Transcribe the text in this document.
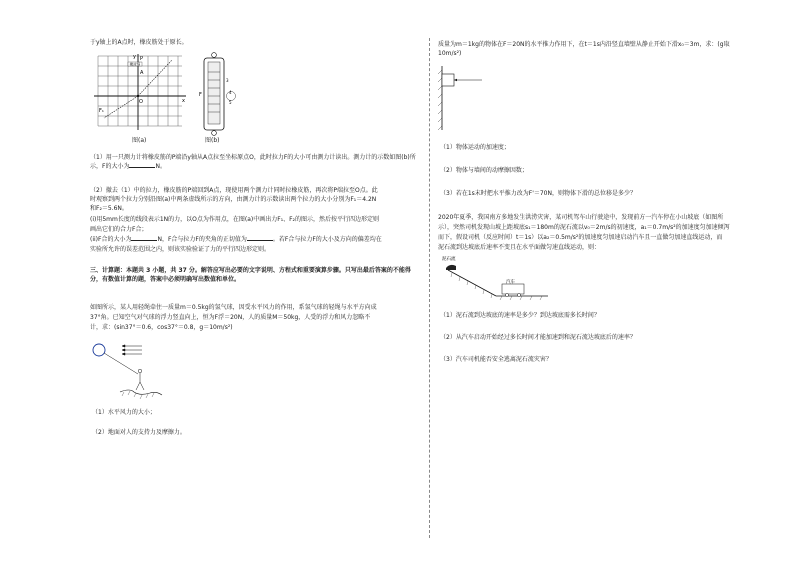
于y轴上的A点时，橡皮筋处于原长。
橡皮筋
P
y
A
O
F₁
x
F
3
4
5
图(a)	图(b)
（1）用一只测力计将橡皮筋的P端沿y轴从A点拉至坐标原点O，此时拉力F的大小可由测力计读出。测力计的示数如图(b)所示，F的大小为	N。
（2）撤去（1）中的拉力，橡皮筋的P端回到A点，现使用两个测力计同时拉橡皮筋，再次将P端拉至O点。此
时观察到两个拉力分别沿图(a)中两条虚线所示的方向，由测力计的示数读出两个拉力的大小分别为F₁＝4.2N
和F₂＝5.6N。
(i)用5mm长度的线段表示1N的力，以O点为作用点，在图(a)中画出力F₁、F₂的图示，然后按平行四边形定则
画出它们的合力F合；
(ii)F合的大小为	N，F合与拉力F的夹角的正切值为	。若F合与拉力F的大小及方向的偏差均在
实验所允许的误差范围之内，则该实验验证了力的平行四边形定则。
三、计算题：本题共 3 小题，共 37 分。解答应写出必要的文字说明、方程式和重要演算步骤。只写出最后答案的不能得分，有数值计算的题，答案中必须明确写出数值和单位。
如图所示，某人用轻绳牵住一质量m＝0.5kg的氢气球，因受水平风力的作用，系氢气球的轻绳与水平方向成
37°角。已知空气对气球的浮力竖直向上，恒为F浮＝20N，人的质量M＝50kg，人受的浮力和风力忽略不
计，求：(sin37°＝0.6，cos37°＝0.8，g＝10m/s²)
（1）水平风力的大小；
（2）地面对人的支持力及摩擦力。
质量为m＝1kg的物体在F＝20N的水平推力作用下，在t＝1s内沿竖直墙壁从静止开始下滑x₀＝3m，求：(g取
10m/s²)
（1）物体运动的加速度；
（2）物体与墙间的动摩擦因数；
（3）若在1s末时把水平推力改为F'＝70N，则物体下滑的总位移是多少？
2020年夏季，我国南方多地发生洪涝灾害，某司机驾车山行驶途中，发现前方一汽车停在小山坡底（如图所
示），突然司机发现山坡上距坡底s₁＝180m的泥石流以v₀＝2m/s的初速度，a₁＝0.7m/s²的加速度匀加速倾泻
而下，假设司机（反应时间）t＝1s）以a₂＝0.5m/s²的加速度匀加速启动汽车且一直做匀加速直线运动，而
泥石流到达坡底后速率不变且在水平面做匀速直线运动，则：
泥石流
汽车
（1）泥石流到达坡底的速率是多少？到达坡底需多长时间？
（2）从汽车启动开始经过多长时间才能加速到和泥石流达坡底后的速率？
（3）汽车司机能否安全逃离泥石流灾害？
